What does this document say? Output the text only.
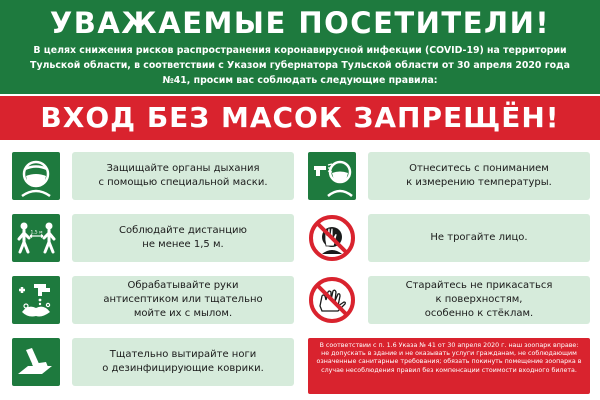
УВАЖАЕМЫЕ ПОСЕТИТЕЛИ!
В целях снижения рисков распространения коронавирусной инфекции (COVID-19) на территории Тульской области, в соответствии с Указом губернатора Тульской области от 30 апреля 2020 года №41, просим вас соблюдать следующие правила:
ВХОД БЕЗ МАСОК ЗАПРЕЩЁН!
Защищайте органы дыхания
с помощью специальной маски.
1,5 м	Соблюдайте дистанцию
не менее 1,5 м.
Обрабатывайте руки
антисептиком или тщательно
мойте их с мылом.
Тщательно вытирайте ноги
о дезинфицирующие коврики.
Отнеситесь с пониманием
к измерению температуры.
Не трогайте лицо.
Старайтесь не прикасаться
к поверхностям,
особенно к стёклам.
В соответствии с п. 1.6 Указа № 41 от 30 апреля 2020 г. наш зоопарк вправе: не допускать в здание и не оказывать услуги гражданам, не соблюдающим означенные санитарные требования; обязать покинуть помещение зоопарка в случае несоблюдения правил без компенсации стоимости входного билета.
